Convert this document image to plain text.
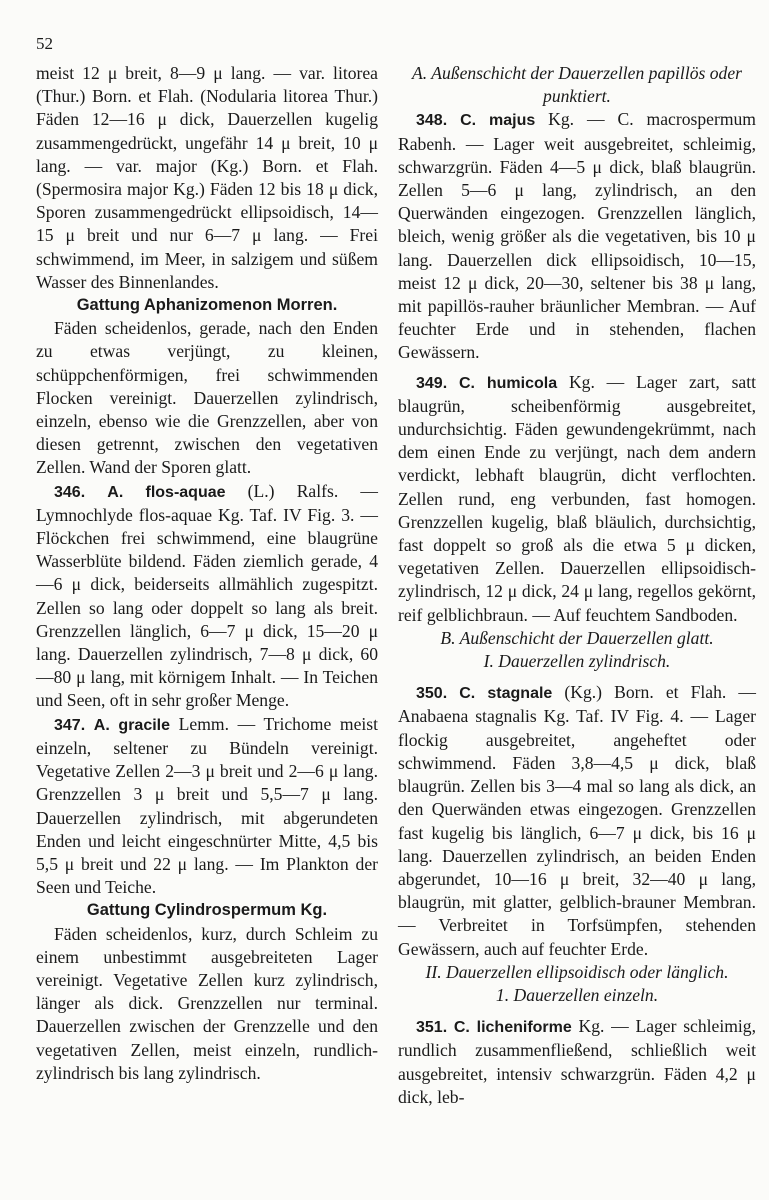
52

meist 12 μ breit, 8—9 μ lang. — var. litorea (Thur.) Born. et Flah. (Nodularia litorea Thur.) Fäden 12—16 μ dick, Dauerzellen kugelig zusammengedrückt, ungefähr 14 μ breit, 10 μ lang. — var. major (Kg.) Born. et Flah. (Spermosira major Kg.) Fäden 12 bis 18 μ dick, Sporen zusammengedrückt ellipsoidisch, 14—15 μ breit und nur 6—7 μ lang. — Frei schwimmend, im Meer, in salzigem und süßem Wasser des Binnenlandes.

Gattung Aphanizomenon Morren.

Fäden scheidenlos, gerade, nach den Enden zu etwas verjüngt, zu kleinen, schüppchenförmigen, frei schwimmenden Flocken vereinigt. Dauerzellen zylindrisch, einzeln, ebenso wie die Grenzzellen, aber von diesen getrennt, zwischen den vegetativen Zellen. Wand der Sporen glatt.

346. A. flos-aquae (L.) Ralfs. — Lymnochlyde flos-aquae Kg. Taf. IV Fig. 3. — Flöckchen frei schwimmend, eine blaugrüne Wasserblüte bildend. Fäden ziemlich gerade, 4—6 μ dick, beiderseits allmählich zugespitzt. Zellen so lang oder doppelt so lang als breit. Grenzzellen länglich, 6—7 μ dick, 15—20 μ lang. Dauerzellen zylindrisch, 7—8 μ dick, 60—80 μ lang, mit körnigem Inhalt. — In Teichen und Seen, oft in sehr großer Menge.

347. A. gracile Lemm. — Trichome meist einzeln, seltener zu Bündeln vereinigt. Vegetative Zellen 2—3 μ breit und 2—6 μ lang. Grenzzellen 3 μ breit und 5,5—7 μ lang. Dauerzellen zylindrisch, mit abgerundeten Enden und leicht eingeschnürter Mitte, 4,5 bis 5,5 μ breit und 22 μ lang. — Im Plankton der Seen und Teiche.

Gattung Cylindrospermum Kg.

Fäden scheidenlos, kurz, durch Schleim zu einem unbestimmt ausgebreiteten Lager vereinigt. Vegetative Zellen kurz zylindrisch, länger als dick. Grenzzellen nur terminal. Dauerzellen zwischen der Grenzzelle und den vegetativen Zellen, meist einzeln, rundlich-zylindrisch bis lang zylindrisch.

A. Außenschicht der Dauerzellen papillös oder punktiert.

348. C. majus Kg. — C. macrospermum Rabenh. — Lager weit ausgebreitet, schleimig, schwarzgrün. Fäden 4—5 μ dick, blaß blaugrün. Zellen 5—6 μ lang, zylindrisch, an den Querwänden eingezogen. Grenzzellen länglich, bleich, wenig größer als die vegetativen, bis 10 μ lang. Dauerzellen dick ellipsoidisch, 10—15, meist 12 μ dick, 20—30, seltener bis 38 μ lang, mit papillös-rauher bräunlicher Membran. — Auf feuchter Erde und in stehenden, flachen Gewässern.

349. C. humicola Kg. — Lager zart, satt blaugrün, scheibenförmig ausgebreitet, undurchsichtig. Fäden gewundengekrümmt, nach dem einen Ende zu verjüngt, nach dem andern verdickt, lebhaft blaugrün, dicht verflochten. Zellen rund, eng verbunden, fast homogen. Grenzzellen kugelig, blaß bläulich, durchsichtig, fast doppelt so groß als die etwa 5 μ dicken, vegetativen Zellen. Dauerzellen ellipsoidisch-zylindrisch, 12 μ dick, 24 μ lang, regellos gekörnt, reif gelblichbraun. — Auf feuchtem Sandboden.

B. Außenschicht der Dauerzellen glatt.

I. Dauerzellen zylindrisch.

350. C. stagnale (Kg.) Born. et Flah. — Anabaena stagnalis Kg. Taf. IV Fig. 4. — Lager flockig ausgebreitet, angeheftet oder schwimmend. Fäden 3,8—4,5 μ dick, blaß blaugrün. Zellen bis 3—4 mal so lang als dick, an den Querwänden etwas eingezogen. Grenzzellen fast kugelig bis länglich, 6—7 μ dick, bis 16 μ lang. Dauerzellen zylindrisch, an beiden Enden abgerundet, 10—16 μ breit, 32—40 μ lang, blaugrün, mit glatter, gelblich-brauner Membran. — Verbreitet in Torfsümpfen, stehenden Gewässern, auch auf feuchter Erde.

II. Dauerzellen ellipsoidisch oder länglich.

1. Dauerzellen einzeln.

351. C. licheniforme Kg. — Lager schleimig, rundlich zusammenfließend, schließlich weit ausgebreitet, intensiv schwarzgrün. Fäden 4,2 μ dick, leb-
